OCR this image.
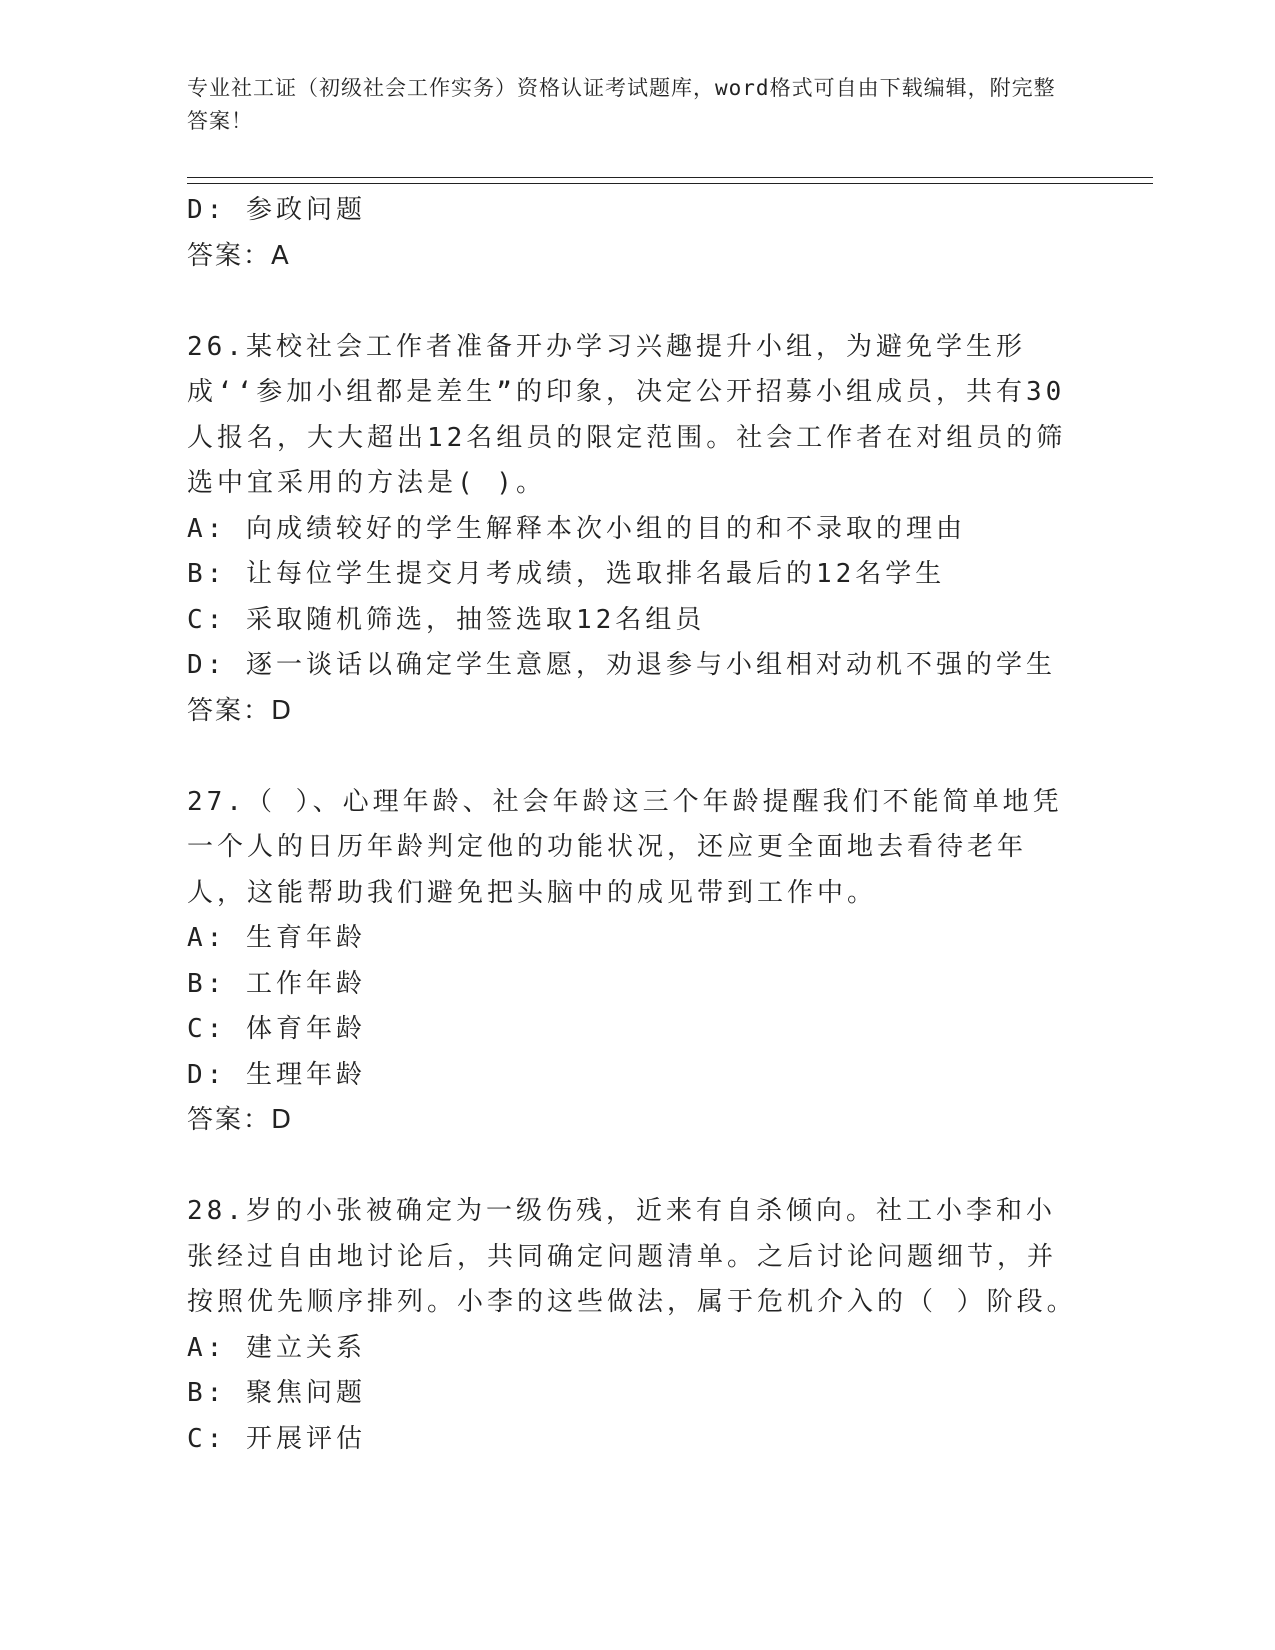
专业社工证（初级社会工作实务）资格认证考试题库，word格式可自由下载编辑，附完整答案！
D: 参政问题
答案：A
26.某校社会工作者准备开办学习兴趣提升小组，为避免学生形成‘‘参加小组都是差生”的印象，决定公开招募小组成员，共有30人报名，大大超出12名组员的限定范围。社会工作者在对组员的筛选中宜采用的方法是( )。
A: 向成绩较好的学生解释本次小组的目的和不录取的理由
B: 让每位学生提交月考成绩，选取排名最后的12名学生
C: 采取随机筛选，抽签选取12名组员
D: 逐一谈话以确定学生意愿，劝退参与小组相对动机不强的学生
答案：D
27.（ ）、心理年龄、社会年龄这三个年龄提醒我们不能简单地凭一个人的日历年龄判定他的功能状况，还应更全面地去看待老年人，这能帮助我们避免把头脑中的成见带到工作中。
A: 生育年龄
B: 工作年龄
C: 体育年龄
D: 生理年龄
答案：D
28.岁的小张被确定为一级伤残，近来有自杀倾向。社工小李和小张经过自由地讨论后，共同确定问题清单。之后讨论问题细节，并按照优先顺序排列。小李的这些做法，属于危机介入的（ ）阶段。
A: 建立关系
B: 聚焦问题
C: 开展评估
